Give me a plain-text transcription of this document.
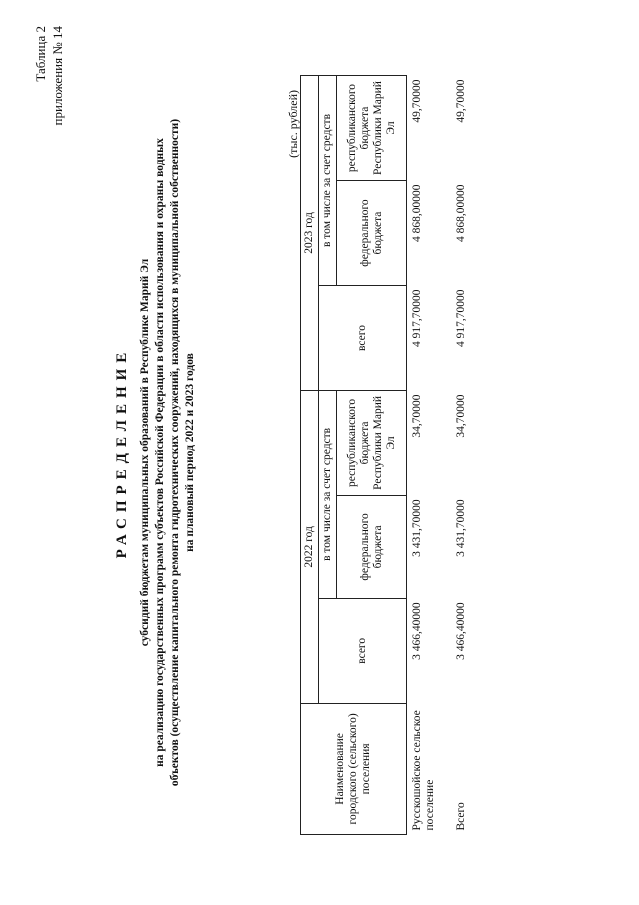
Таблица 2 приложения № 14
РАСПРЕДЕЛЕНИЕ субсидий бюджетам муниципальных образований в Республике Марий Эл на реализацию государственных программ субъектов Российской Федерации в области использования и охраны водных объектов (осуществление капитального ремонта гидротехнических сооружений, находящихся в муниципальной собственности) на плановый период 2022 и 2023 годов
(тыс. рублей)
Наименование городского (сельского) поселения	2022 год			2023 год		
	всего	в том числе за счет средств		всего	в том числе за счет средств	
		федерального бюджета	республиканского бюджета Республики Марий Эл		федерального бюджета	республиканского бюджета Республики Марий Эл
Русскошойское сельское поселение	3 466,40000	3 431,70000	34,70000	4 917,70000	4 868,00000	49,70000
Всего	3 466,40000	3 431,70000	34,70000	4 917,70000	4 868,00000	49,70000
